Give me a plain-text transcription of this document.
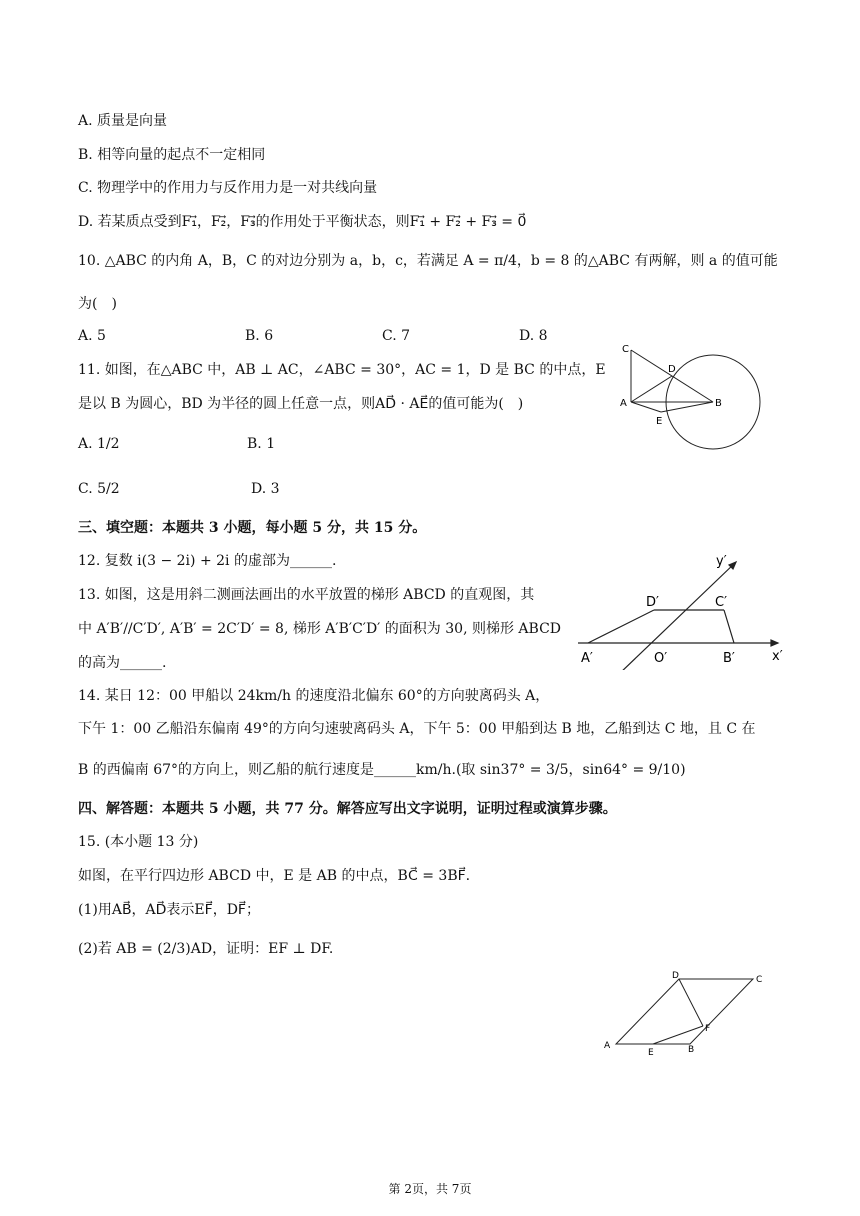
A. 质量是向量
B. 相等向量的起点不一定相同
C. 物理学中的作用力与反作用力是一对共线向量
D. 若某质点受到F₁⃗，F₂⃗，F₃⃗的作用处于平衡状态，则F₁⃗ + F₂⃗ + F₃⃗ = 0⃗
10. △ABC 的内角 A，B，C 的对边分别为 a，b，c，若满足 A = π/4，b = 8 的△ABC 有两解，则 a 的值可能
为(　)
A. 5	B. 6	C. 7	D. 8
11. 如图，在△ABC 中，AB ⊥ AC，∠ABC = 30°，AC = 1，D 是 BC 的中点，E
是以 B 为圆心，BD 为半径的圆上任意一点，则AD⃗ · AE⃗的值可能为(　)
A. 1/2	B. 1
C. 5/2	D. 3
C
D
A	B
E
三、填空题：本题共 3 小题，每小题 5 分，共 15 分。
12. 复数 i(3 − 2i) + 2i 的虚部为______.
13. 如图，这是用斜二测画法画出的水平放置的梯形 ABCD 的直观图，其
中 A′B′//C′D′, A′B′ = 2C′D′ = 8, 梯形 A′B′C′D′ 的面积为 30, 则梯形 ABCD
的高为______.
y′
D′	C′
A′	O′	B′	x′
14. 某日 12：00 甲船以 24km/h 的速度沿北偏东 60°的方向驶离码头 A，
下午 1：00 乙船沿东偏南 49°的方向匀速驶离码头 A，下午 5：00 甲船到达 B 地，乙船到达 C 地，且 C 在
B 的西偏南 67°的方向上，则乙船的航行速度是______km/h.(取 sin37° = 3/5，sin64° = 9/10)
四、解答题：本题共 5 小题，共 77 分。解答应写出文字说明，证明过程或演算步骤。
15. (本小题 13 分)
如图，在平行四边形 ABCD 中，E 是 AB 的中点，BC⃗ = 3BF⃗.
(1)用AB⃗，AD⃗表示EF⃗，DF⃗；
(2)若 AB = (2/3)AD，证明：EF ⊥ DF.
A
E	B
F
D	C
第 2页，共 7页
